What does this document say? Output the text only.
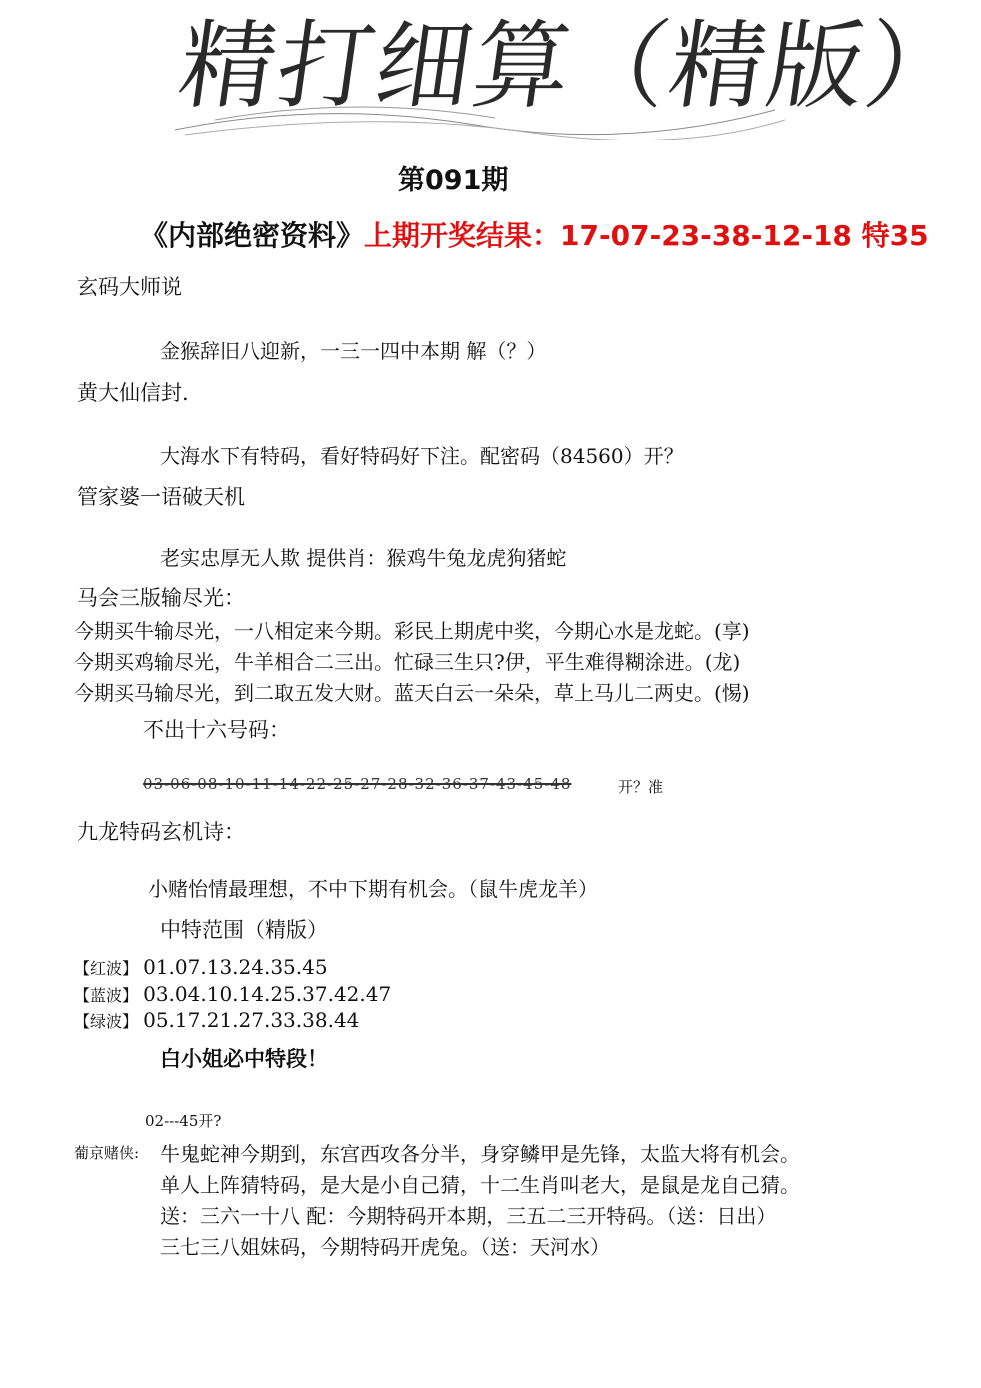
精打细算（精版）
第091期
《内部绝密资料》上期开奖结果：17-07-23-38-12-18 特35
玄码大师说
金猴辞旧八迎新，一三一四中本期 解（？）
黄大仙信封.
大海水下有特码，看好特码好下注。配密码（84560）开？
管家婆一语破天机
老实忠厚无人欺 提供肖：猴鸡牛兔龙虎狗猪蛇
马会三版输尽光：
今期买牛输尽光，一八相定来今期。彩民上期虎中奖，今期心水是龙蛇。(享)
今期买鸡输尽光，牛羊相合二三出。忙碌三生只?伊，平生难得糊涂进。(龙)
今期买马输尽光，到二取五发大财。蓝天白云一朵朵，草上马儿二两史。(惕)
不出十六号码：
03-06-08-10-11-14-22-25-27-28-32-36-37-43-45-48	开？准
九龙特码玄机诗：
小赌怡情最理想，不中下期有机会。（鼠牛虎龙羊）
中特范围（精版）
【红波】 01.07.13.24.35.45
【蓝波】 03.04.10.14.25.37.42.47
【绿波】 05.17.21.27.33.38.44
白小姐必中特段！
02---45开?
葡京赌侠: 牛鬼蛇神今期到，东宫西攻各分半，身穿鳞甲是先锋，太监大将有机会。
单人上阵猜特码，是大是小自己猜，十二生肖叫老大，是鼠是龙自己猜。
送：三六一十八 配：今期特码开本期，三五二三开特码。（送：日出）
三七三八姐妹码，今期特码开虎兔。（送：天河水）
